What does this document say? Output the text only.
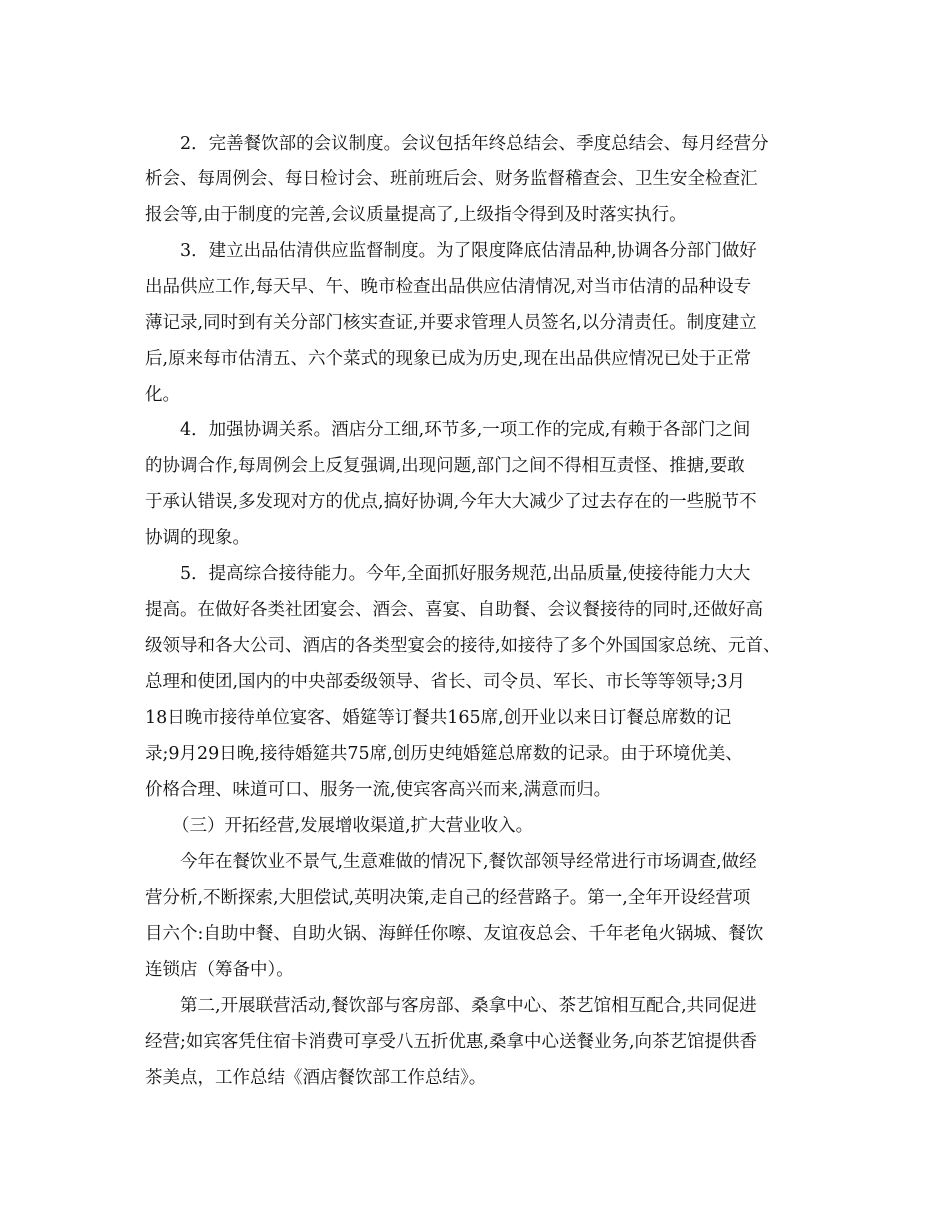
2．完善餐饮部的会议制度。会议包括年终总结会、季度总结会、每月经营分
析会、每周例会、每日检讨会、班前班后会、财务监督稽查会、卫生安全检查汇
报会等,由于制度的完善,会议质量提高了,上级指令得到及时落实执行。
3．建立出品估清供应监督制度。为了限度降底估清品种,协调各分部门做好
出品供应工作,每天早、午、晚市检查出品供应估清情况,对当市估清的品种设专
薄记录,同时到有关分部门核实查证,并要求管理人员签名,以分清责任。制度建立
后,原来每市估清五、六个菜式的现象已成为历史,现在出品供应情况已处于正常
化。
4．加强协调关系。酒店分工细,环节多,一项工作的完成,有赖于各部门之间
的协调合作,每周例会上反复强调,出现问题,部门之间不得相互责怪、推搪,要敢
于承认错误,多发现对方的优点,搞好协调,今年大大减少了过去存在的一些脱节不
协调的现象。
5．提高综合接待能力。今年,全面抓好服务规范,出品质量,使接待能力大大
提高。在做好各类社团宴会、酒会、喜宴、自助餐、会议餐接待的同时,还做好高
级领导和各大公司、酒店的各类型宴会的接待,如接待了多个外国国家总统、元首、
总理和使团,国内的中央部委级领导、省长、司令员、军长、市长等等领导;3月
18日晚市接待单位宴客、婚筵等订餐共165席,创开业以来日订餐总席数的记
录;9月29日晚,接待婚筵共75席,创历史纯婚筵总席数的记录。由于环境优美、
价格合理、味道可口、服务一流,使宾客高兴而来,满意而归。
（三）开拓经营,发展增收渠道,扩大营业收入。
今年在餐饮业不景气,生意难做的情况下,餐饮部领导经常进行市场调查,做经
营分析,不断探索,大胆偿试,英明决策,走自己的经营路子。第一,全年开设经营项
目六个:自助中餐、自助火锅、海鲜任你嚓、友谊夜总会、千年老龟火锅城、餐饮
连锁店（筹备中）。
第二,开展联营活动,餐饮部与客房部、桑拿中心、茶艺馆相互配合,共同促进
经营;如宾客凭住宿卡消费可享受八五折优惠,桑拿中心送餐业务,向茶艺馆提供香
茶美点，工作总结《酒店餐饮部工作总结》。
